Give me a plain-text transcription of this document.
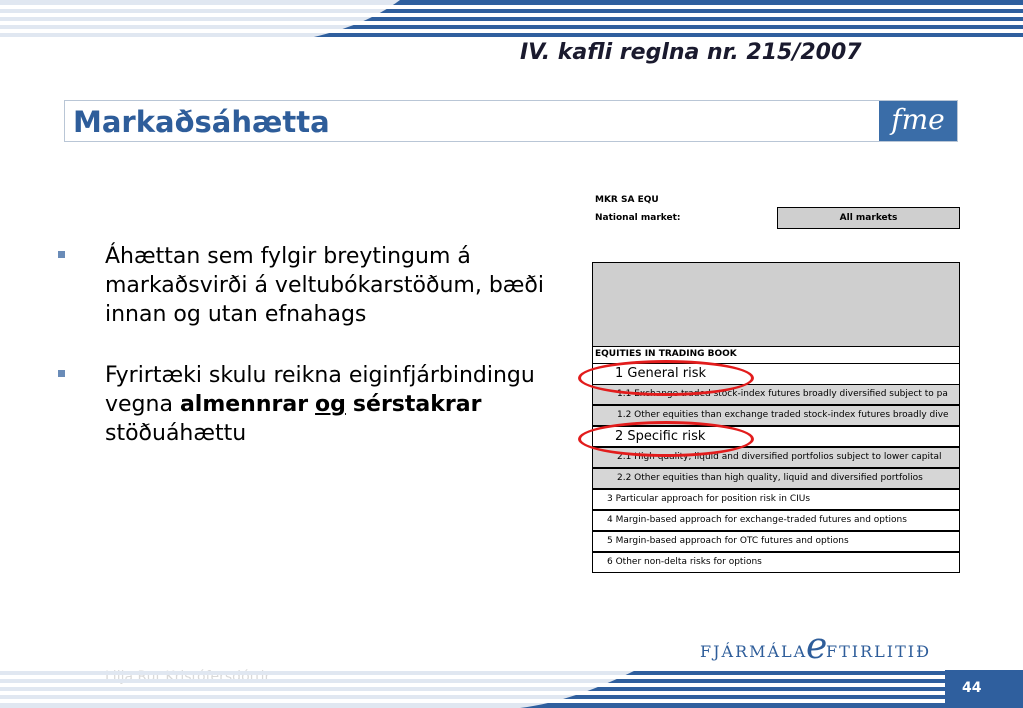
IV. kafli reglna nr. 215/2007
Markaðsáhætta	fme
Áhættan sem fylgir breytingum á markaðsvirði á veltubókarstöðum, bæði innan og utan efnahags
Fyrirtæki skulu reikna eiginfjárbindingu vegna almennrar og sérstakrar stöðuáhættu
MKR SA EQU
National market:	All markets
EQUITIES IN TRADING BOOK
1 General risk
1.1 Exchange traded stock-index futures broadly diversified subject to pa
1.2 Other equities than exchange traded stock-index futures broadly dive
2 Specific risk
2.1 High quality, liquid and diversified portfolios subject to lower capital
2.2 Other equities than high quality, liquid and diversified portfolios
3 Particular approach for position risk in CIUs
4 Margin-based approach for exchange-traded futures and options
5 Margin-based approach for OTC futures and options
6 Other non-delta risks for options
FJÁRMÁLA
e
FTIRLITIÐ
44
